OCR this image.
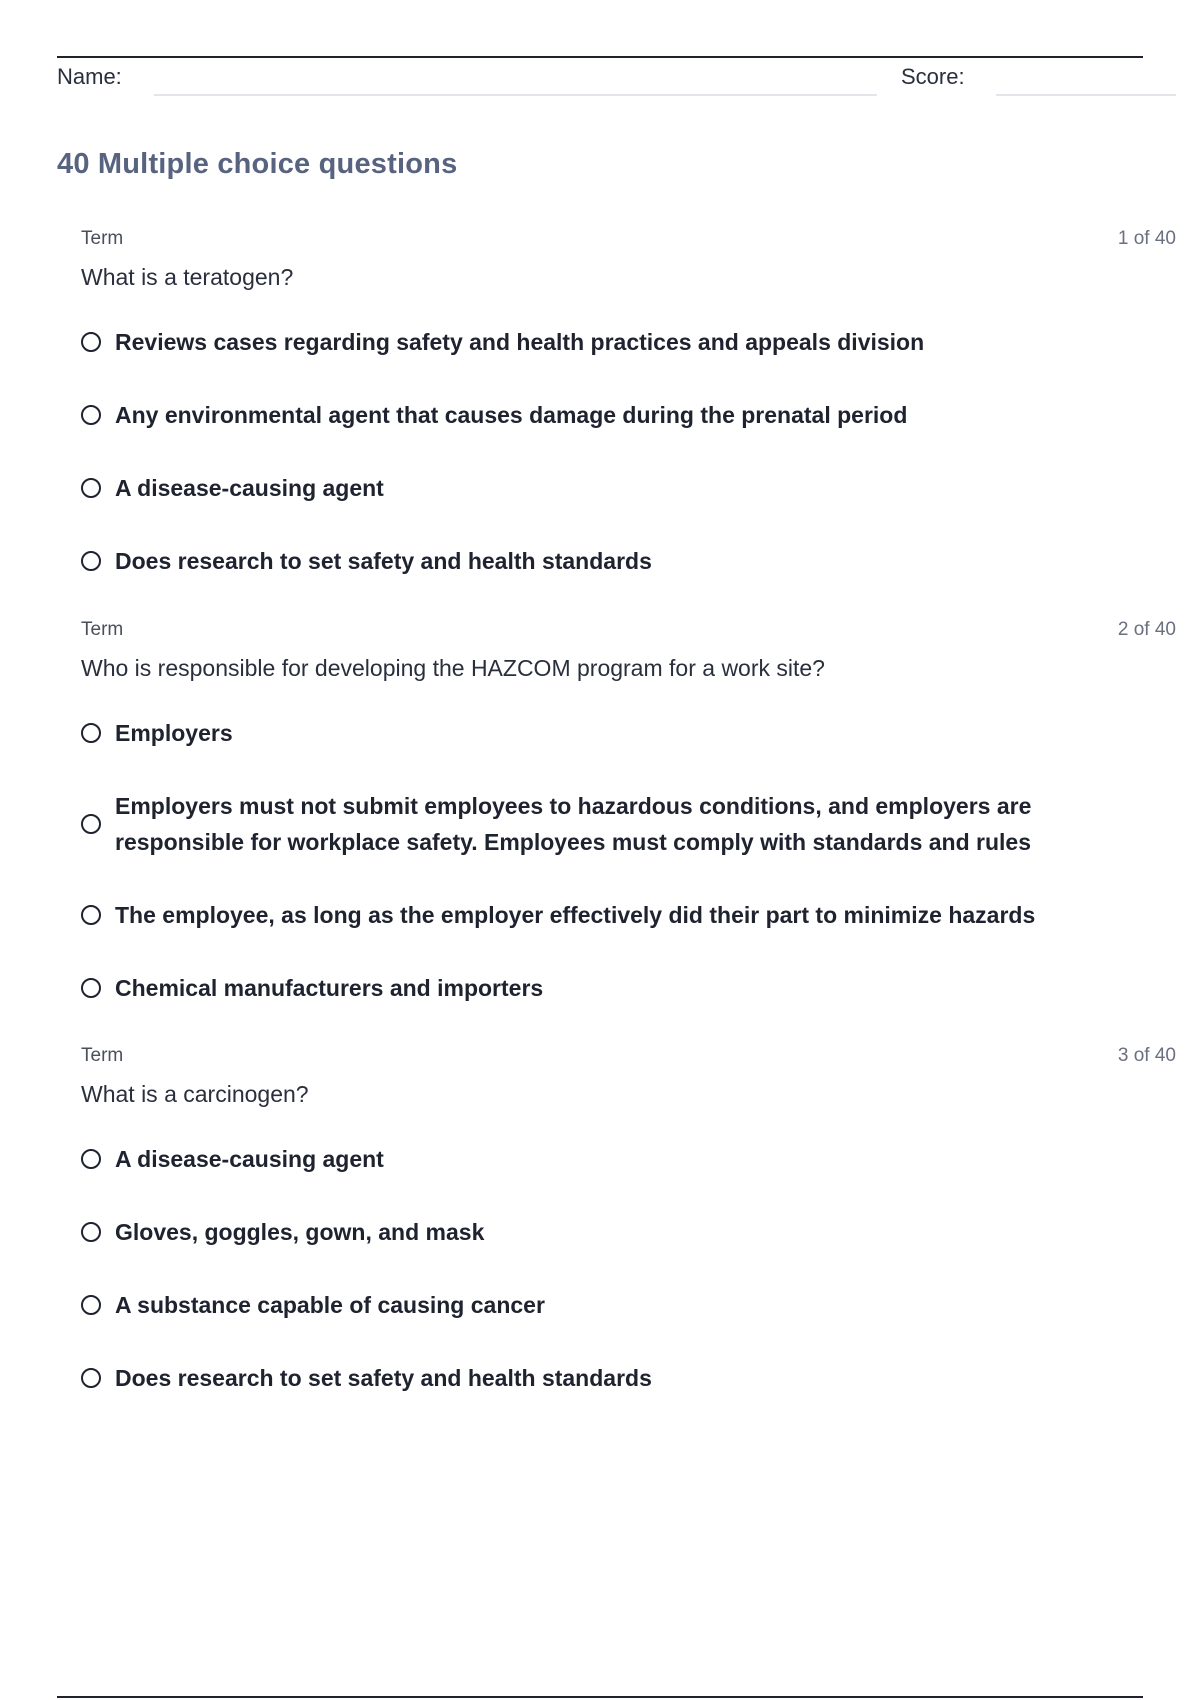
Name:	Score:
40 Multiple choice questions
Term	1 of 40
What is a teratogen?
Reviews cases regarding safety and health practices and appeals division
Any environmental agent that causes damage during the prenatal period
A disease-causing agent
Does research to set safety and health standards
Term	2 of 40
Who is responsible for developing the HAZCOM program for a work site?
Employers
Employers must not submit employees to hazardous conditions, and employers are responsible for workplace safety. Employees must comply with standards and rules
The employee, as long as the employer effectively did their part to minimize hazards
Chemical manufacturers and importers
Term	3 of 40
What is a carcinogen?
A disease-causing agent
Gloves, goggles, gown, and mask
A substance capable of causing cancer
Does research to set safety and health standards
